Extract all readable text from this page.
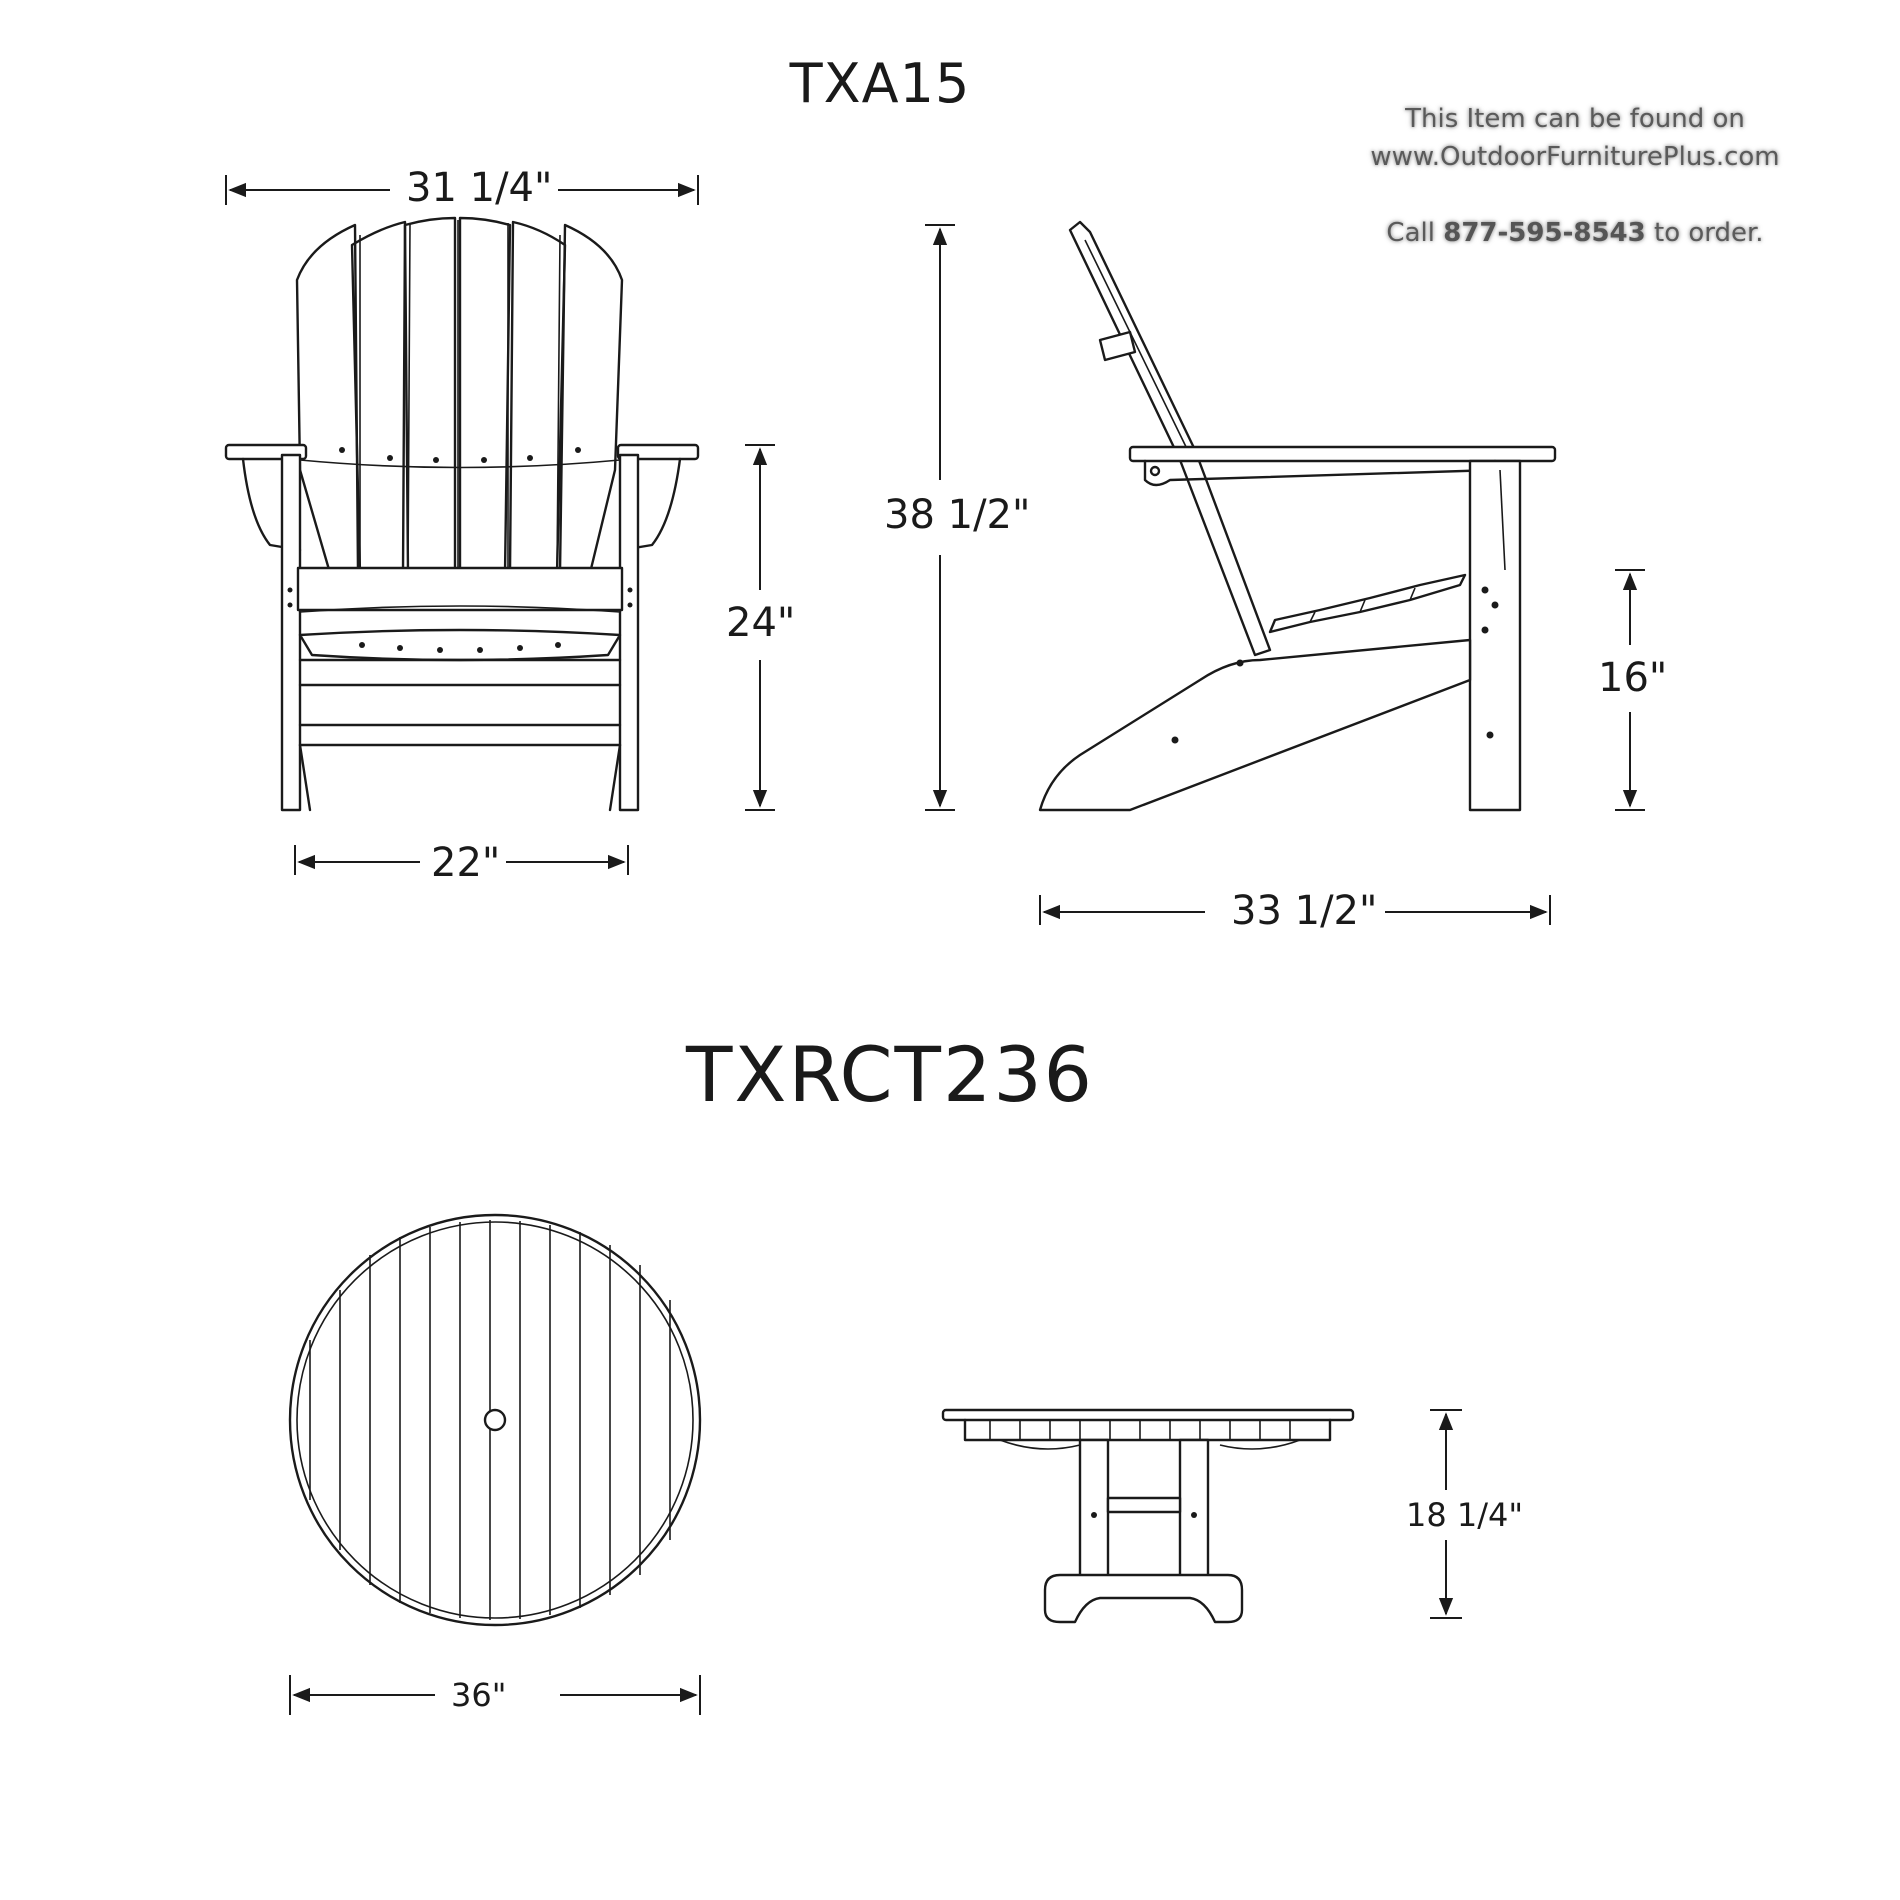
TXA15
TXRCT236
This Item can be found on
www.OutdoorFurniturePlus.com
Call 877-595-8543 to order.
31 1/4"
38 1/2"
24"
22"
16"
33 1/2"
36"
18 1/4"
